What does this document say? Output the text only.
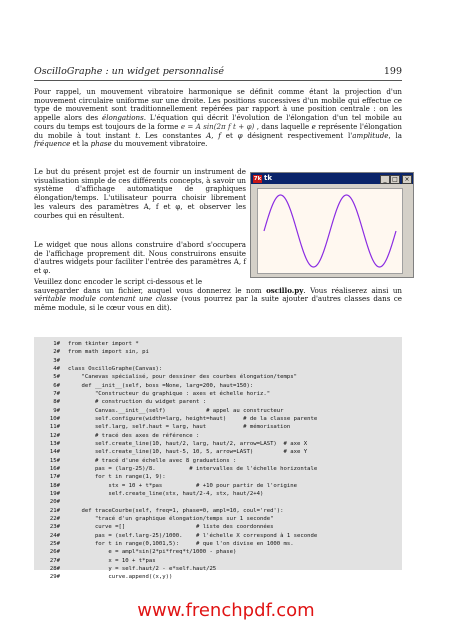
OscilloGraphe : un widget personnalisé	199

Pour rappel, un mouvement vibratoire harmonique se définit comme étant la projection d'un mouvement circulaire uniforme sur une droite. Les positions successives d'un mobile qui effectue ce type de mouvement sont traditionnellement repérées par rapport à une position centrale : on les appelle alors des élongations. L'équation qui décrit l'évolution de l'élongation d'un tel mobile au cours du temps est toujours de la forme e = A sin(2π f t + φ) , dans laquelle e représente l'élongation du mobile à tout instant t. Les constantes A, f et φ désignent respectivement l'amplitude, la fréquence et la phase du mouvement vibratoire.

Le but du présent projet est de fournir un instrument de visualisation simple de ces différents concepts, à savoir un système d'affichage automatique de graphiques élongation/temps. L'utilisateur pourra choisir librement les valeurs des paramètres A, f et φ, et observer les courbes qui en résultent.

Le widget que nous allons construire d'abord s'occupera de l'affichage proprement dit. Nous construirons ensuite d'autres widgets pour faciliter l'entrée des paramètres A, f et φ.

Veuillez donc encoder le script ci-dessous et le
sauvegarder dans un fichier, auquel vous donnerez le nom oscillo.py. Vous réaliserez ainsi un véritable module contenant une classe (vous pourrez par la suite ajouter d'autres classes dans ce même module, si le cœur vous en dit).

7k tk	_ □	×
1# from tkinter import *
2# from math import sin, pi
3#
4# class OscilloGraphe(Canvas):
5#    "Canevas spécialisé, pour dessiner des courbes élongation/temps"
6#    def __init__(self, boss =None, larg=200, haut=150):
7#        "Constructeur du graphique : axes et échelle horiz."
8#        # construction du widget parent :
9#        Canvas.__init__(self)            # appel au constructeur
10#        self.configure(width=larg, height=haut)     # de la classe parente
11#        self.larg, self.haut = larg, haut           # mémorisation
12#        # tracé des axes de référence :
13#        self.create_line(10, haut/2, larg, haut/2, arrow=LAST)  # axe X
14#        self.create_line(10, haut-5, 10, 5, arrow=LAST)         # axe Y
15#        # tracé d'une échelle avec 8 graduations :
16#        pas = (larg-25)/8.          # intervalles de l'échelle horizontale
17#        for t in range(1, 9):
18#            stx = 10 + t*pas          # +10 pour partir de l'origine
19#            self.create_line(stx, haut/2-4, stx, haut/2+4)
20#
21#    def traceCourbe(self, freq=1, phase=0, ampl=10, coul='red'):
22#        "tracé d'un graphique élongation/temps sur 1 seconde"
23#        curve =[]                     # liste des coordonnées
24#        pas = (self.larg-25)/1000.    # l'échelle X correspond à 1 seconde
25#        for t in range(0,1001,5):     # que l'on divise en 1000 ms.
26#            e = ampl*sin(2*pi*freq*t/1000 - phase)
27#            x = 10 + t*pas
28#            y = self.haut/2 - e*self.haut/25
29#            curve.append((x,y))
www.frenchpdf.com
